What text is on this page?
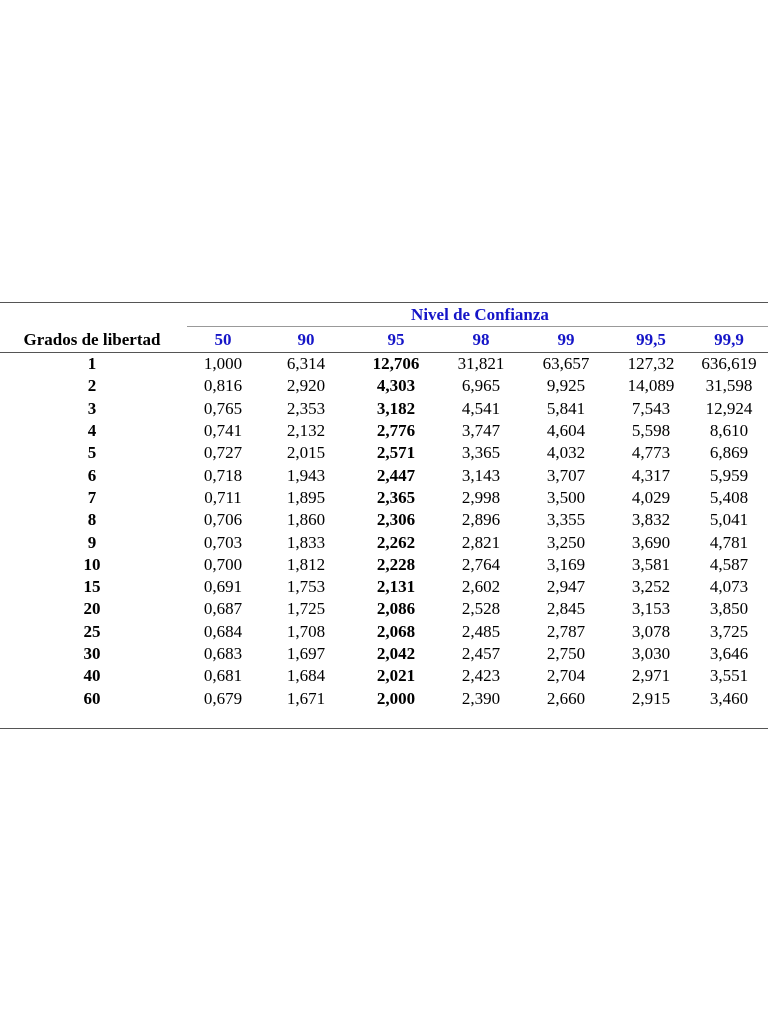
Nivel de Confianza
Grados de libertad	50	90	95	98	99	99,5	99,9
1	1,000	6,314	12,706	31,821	63,657	127,32	636,619
2	0,816	2,920	4,303	6,965	9,925	14,089	31,598
3	0,765	2,353	3,182	4,541	5,841	7,543	12,924
4	0,741	2,132	2,776	3,747	4,604	5,598	8,610
5	0,727	2,015	2,571	3,365	4,032	4,773	6,869
6	0,718	1,943	2,447	3,143	3,707	4,317	5,959
7	0,711	1,895	2,365	2,998	3,500	4,029	5,408
8	0,706	1,860	2,306	2,896	3,355	3,832	5,041
9	0,703	1,833	2,262	2,821	3,250	3,690	4,781
10	0,700	1,812	2,228	2,764	3,169	3,581	4,587
15	0,691	1,753	2,131	2,602	2,947	3,252	4,073
20	0,687	1,725	2,086	2,528	2,845	3,153	3,850
25	0,684	1,708	2,068	2,485	2,787	3,078	3,725
30	0,683	1,697	2,042	2,457	2,750	3,030	3,646
40	0,681	1,684	2,021	2,423	2,704	2,971	3,551
60	0,679	1,671	2,000	2,390	2,660	2,915	3,460
